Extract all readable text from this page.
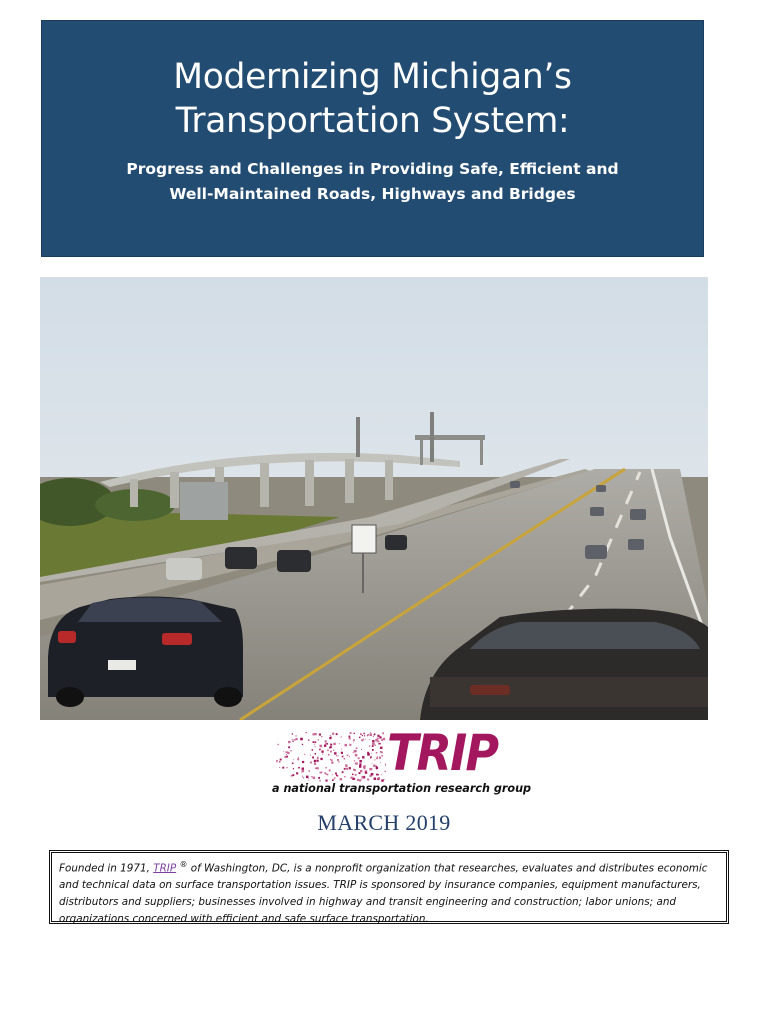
Modernizing Michigan’s
Transportation System:
Progress and Challenges in Providing Safe, Efficient and
Well-Maintained Roads, Highways and Bridges
TRIP
a national transportation research group
MARCH 2019
Founded in 1971, TRIP ® of Washington, DC, is a nonprofit organization that researches, evaluates and distributes economic and technical data on surface transportation issues. TRIP is sponsored by insurance companies, equipment manufacturers, distributors and suppliers; businesses involved in highway and transit engineering and construction; labor unions; and organizations concerned with efficient and safe surface transportation.
